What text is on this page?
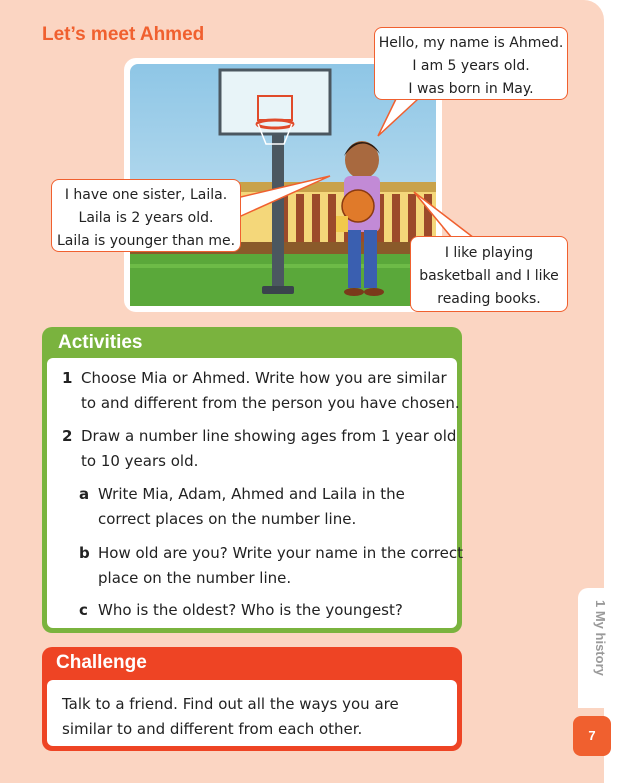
Let’s meet Ahmed	Hello, my name is Ahmed.
I am 5 years old.
I was born in May.
I have one sister, Laila.
Laila is 2 years old.
Laila is younger than me.
I like playing
basketball and I like
reading books.
Activities
1 Choose Mia or Ahmed. Write how you are similar
to and different from the person you have chosen.
2 Draw a number line showing ages from 1 year old
to 10 years old.
a Write Mia, Adam, Ahmed and Laila in the
correct places on the number line.
b How old are you? Write your name in the correct
place on the number line.
c Who is the oldest? Who is the youngest?
Challenge
Talk to a friend. Find out all the ways you are
similar to and different from each other.
1 My history
7
